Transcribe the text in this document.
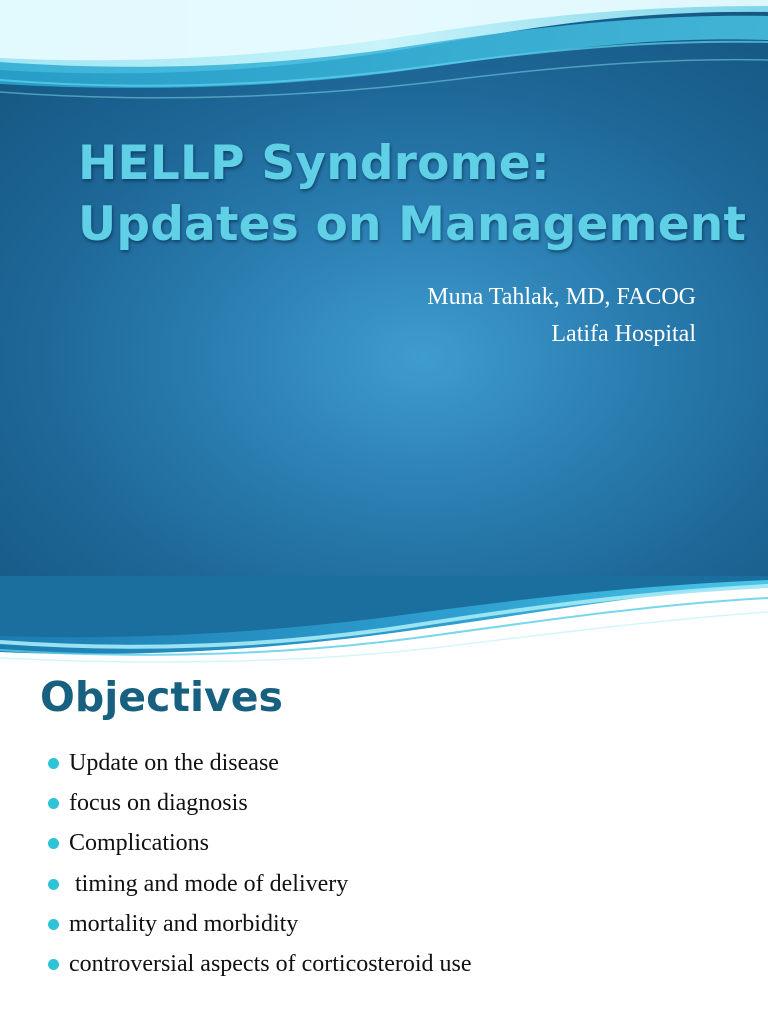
HELLP Syndrome:
Updates on Management
Muna Tahlak, MD, FACOG
Latifa Hospital
Objectives
Update on the disease
focus on diagnosis
Complications
timing and mode of delivery
mortality and morbidity
controversial aspects of corticosteroid use
